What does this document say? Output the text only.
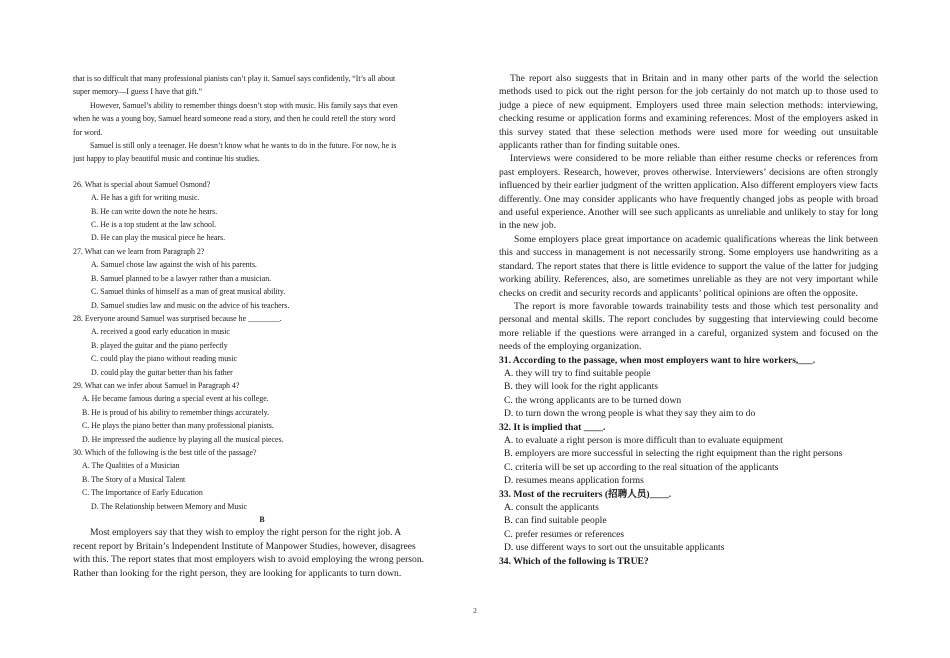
that is so difficult that many professional pianists can’t play it. Samuel says confidently, “It’s all about

super memory—I guess I have that gift.”

However, Samuel’s ability to remember things doesn’t stop with music. His family says that even

when he was a young boy, Samuel heard someone read a story, and then he could retell the story word

for word.

Samuel is still only a teenager. He doesn’t know what he wants to do in the future. For now, he is

just happy to play beautiful music and continue his studies.

26. What is special about Samuel Osmond?

A. He has a gift for writing music.

B. He can write down the note he hears.

C. He is a top student at the law school.

D. He can play the musical piece he hears.

27. What can we learn from Paragraph 2?

A. Samuel chose law against the wish of his parents.

B. Samuel planned to be a lawyer rather than a musician.

C. Samuel thinks of himself as a man of great musical ability.

D. Samuel studies law and music on the advice of his teachers.

28. Everyone around Samuel was surprised because he ________.

A. received a good early education in music

B. played the guitar and the piano perfectly

C. could play the piano without reading music

D. could play the guitar better than his father

29. What can we infer about Samuel in Paragraph 4?

A. He became famous during a special event at his college.

B. He is proud of his ability to remember things accurately.

C. He plays the piano better than many professional pianists.

D. He impressed the audience by playing all the musical pieces.

30. Which of the following is the best title of the passage?

A. The Qualities of a Musician

B. The Story of a Musical Talent

C. The Importance of Early Education

D. The Relationship between Memory and Music

B

Most employers say that they wish to employ the right person for the right job. A

recent report by Britain’s Independent Institute of Manpower Studies, however, disagrees

with this. The report states that most employers wish to avoid employing the wrong person.

Rather than looking for the right person, they are looking for applicants to turn down.

The report also suggests that in Britain and in many other parts of the world the selection methods used to pick out the right person for the job certainly do not match up to those used to judge a piece of new equipment. Employers used three main selection methods: interviewing, checking resume or application forms and examining references. Most of the employers asked in this survey stated that these selection methods were used more for weeding out unsuitable applicants rather than for finding suitable ones.

Interviews were considered to be more reliable than either resume checks or references from past employers. Research, however, proves otherwise. Interviewers’ decisions are often strongly influenced by their earlier judgment of the written application. Also different employers view facts differently. One may consider applicants who have frequently changed jobs as people with broad and useful experience. Another will see such applicants as unreliable and unlikely to stay for long in the new job.

Some employers place great importance on academic qualifications whereas the link between this and success in management is not necessarily strong. Some employers use handwriting as a standard. The report states that there is little evidence to support the value of the latter for judging working ability. References, also, are sometimes unreliable as they are not very important while checks on credit and security records and applicants’ political opinions are often the opposite.

The report is more favorable towards trainability tests and those which test personality and personal and mental skills. The report concludes by suggesting that interviewing could become more reliable if the questions were arranged in a careful, organized system and focused on the needs of the employing organization.

31. According to the passage, when most employers want to hire workers,___.

A. they will try to find suitable people

B. they will look for the right applicants

C. the wrong applicants are to be turned down

D. to turn down the wrong people is what they say they aim to do

32. It is implied that ____.

A. to evaluate a right person is more difficult than to evaluate equipment

B. employers are more successful in selecting the right equipment than the right persons

C. criteria will be set up according to the real situation of the applicants

D. resumes means application forms

33. Most of the recruiters (招聘人员)____.

A. consult the applicants

B. can find suitable people

C. prefer resumes or references

D. use different ways to sort out the unsuitable applicants

34. Which of the following is TRUE?

2
